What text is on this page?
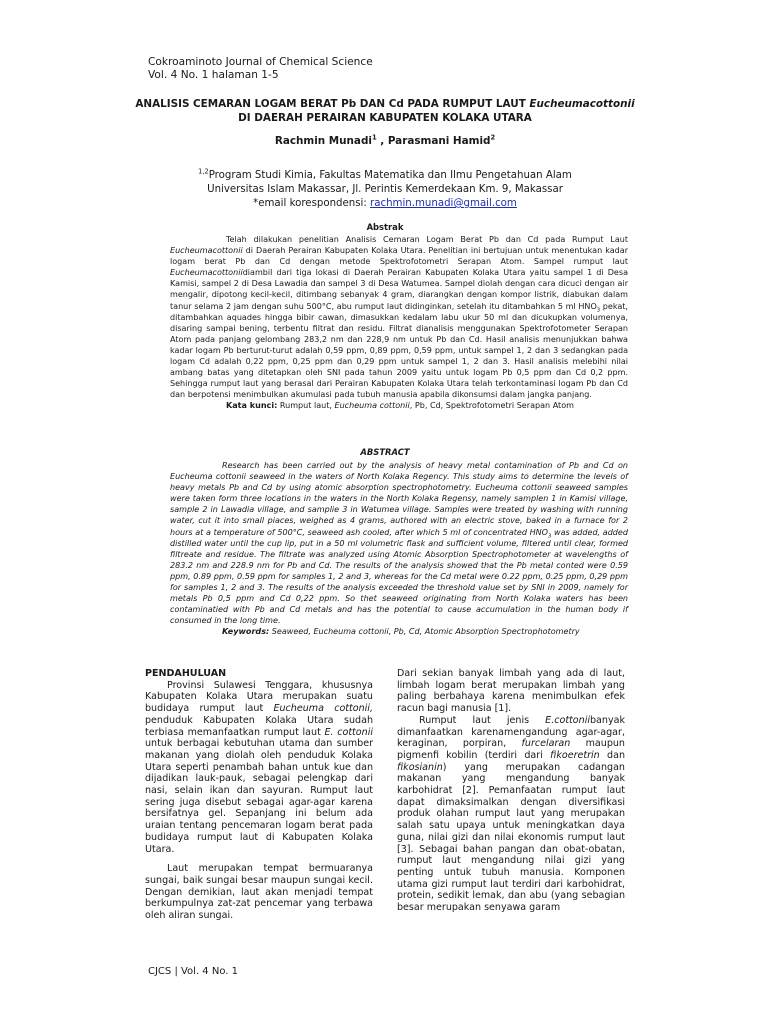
Cokroaminoto Journal of Chemical Science
Vol. 4 No. 1 halaman 1-5
ANALISIS CEMARAN LOGAM BERAT Pb DAN Cd PADA RUMPUT LAUT Eucheumacottonii
DI DAERAH PERAIRAN KABUPATEN KOLAKA UTARA
Rachmin Munadi$^1$ , Parasmani Hamid$^2$
$^{1,2}$Program Studi Kimia, Fakultas Matematika dan Ilmu Pengetahuan Alam
Universitas Islam Makassar, Jl. Perintis Kemerdekaan Km. 9, Makassar
*email korespondensi: rachmin.munadi@gmail.com
Abstrak

Telah dilakukan penelitian Analisis Cemaran Logam Berat Pb dan Cd pada Rumput Laut Eucheumacottonii di Daerah Perairan Kabupaten Kolaka Utara. Penelitian ini bertujuan untuk menentukan kadar logam berat Pb dan Cd dengan metode Spektrofotometri Serapan Atom. Sampel rumput laut Eucheumacottoniidiambil dari tiga lokasi di Daerah Perairan Kabupaten Kolaka Utara yaitu sampel 1 di Desa Kamisi, sampel 2 di Desa Lawadia dan sampel 3 di Desa Watumea. Sampel diolah dengan cara dicuci dengan air mengalir, dipotong kecil-kecil, ditimbang sebanyak 4 gram, diarangkan dengan kompor listrik, diabukan dalam tanur selama 2 jam dengan suhu 500°C, abu rumput laut didinginkan, setelah itu ditambahkan 5 ml $HNO_3$ pekat, ditambahkan aquades hingga bibir cawan, dimasukkan kedalam labu ukur 50 ml dan dicukupkan volumenya, disaring sampai bening, terbentu filtrat dan residu. Filtrat dianalisis menggunakan Spektrofotometer Serapan Atom pada panjang gelombang 283,2 nm dan 228,9 nm untuk Pb dan Cd. Hasil analisis menunjukkan bahwa kadar logam Pb berturut-turut adalah 0,59 ppm, 0,89 ppm, 0,59 ppm, untuk sampel 1, 2 dan 3 sedangkan pada logam Cd adalah 0,22 ppm, 0,25 ppm dan 0,29 ppm untuk sampel 1, 2 dan 3. Hasil analisis melebihi nilai ambang batas yang ditetapkan oleh SNI pada tahun 2009 yaitu untuk logam Pb 0,5 ppm dan Cd 0,2 ppm. Sehingga rumput laut yang berasal dari Perairan Kabupaten Kolaka Utara telah terkontaminasi logam Pb dan Cd dan berpotensi menimbulkan akumulasi pada tubuh manusia apabila dikonsumsi dalam jangka panjang.

Kata kunci: Rumput laut, Eucheuma cottonii, Pb, Cd, Spektrofotometri Serapan Atom

ABSTRACT

Research has been carried out by the analysis of heavy metal contamination of Pb and Cd on Eucheuma cottonii seaweed in the waters of North Kolaka Regency. This study aims to determine the levels of heavy metals Pb and Cd by using atomic absorption spectrophotometry. Eucheuma cottonii seaweed samples were taken form three locations in the waters in the North Kolaka Regensy, namely samplen 1 in Kamisi village, sample 2 in Lawadia village, and samplie 3 in Watumea village. Samples were treated by washing with running water, cut it into small piaces, weighed as 4 grams, authored with an electric stove, baked in a furnace for 2 hours at a temperature of 500°C, seaweed ash cooled, after which 5 ml of concentrated $HNO_3$ was added, added distilled water until the cup lip, put in a 50 ml volumetric flask and sufficient volume, filtered until clear, formed filtreate and residue. The filtrate was analyzed using Atomic Absorption Spectrophotometer at wavelengths of 283.2 nm and 228.9 nm for Pb and Cd. The results of the analysis showed that the Pb metal conted were 0.59 ppm, 0.89 ppm, 0.59 ppm for samples 1, 2 and 3, whereas for the Cd metal were 0.22 ppm, 0.25 ppm, 0,29 ppm for samples 1, 2 and 3. The results of the analysis exceeded the threshold value set by SNI in 2009, namely for metals Pb 0,5 ppm and Cd 0,22 ppm. So thet seaweed originating from North Kolaka waters has been contaminatied with Pb and Cd metals and has the potential to cause accumulation in the human body if consumed in the long time.

Keywords: Seaweed, Eucheuma cottonii, Pb, Cd, Atomic Absorption Spectrophotometry

PENDAHULUAN

Provinsi Sulawesi Tenggara, khususnya Kabupaten Kolaka Utara merupakan suatu budidaya rumput laut Eucheuma cottonii, penduduk Kabupaten Kolaka Utara sudah terbiasa memanfaatkan rumput laut E. cottonii untuk berbagai kebutuhan utama dan sumber makanan yang diolah oleh penduduk Kolaka Utara seperti penambah bahan untuk kue dan dijadikan lauk-pauk, sebagai pelengkap dari nasi, selain ikan dan sayuran. Rumput laut sering juga disebut sebagai agar-agar karena bersifatnya gel. Sepanjang ini belum ada uraian tentang pencemaran logam berat pada budidaya rumput laut di Kabupaten Kolaka Utara.

Laut merupakan tempat bermuaranya sungai, baik sungai besar maupun sungai kecil. Dengan demikian, laut akan menjadi tempat berkumpulnya zat-zat pencemar yang terbawa oleh aliran sungai.

Dari sekian banyak limbah yang ada di laut, limbah logam berat merupakan limbah yang paling berbahaya karena menimbulkan efek racun bagi manusia [1].

Rumput laut jenis E.cottoniibanyak dimanfaatkan karenamengandung agar-agar, keraginan, porpiran, furcelaran maupun pigmenfi kobilin (terdiri dari fikoeretrin dan fikosianin) yang merupakan cadangan makanan yang mengandung banyak karbohidrat [2]. Pemanfaatan rumput laut dapat dimaksimalkan dengan diversifikasi produk olahan rumput laut yang merupakan salah satu upaya untuk meningkatkan daya guna, nilai gizi dan nilai ekonomis rumput laut [3]. Sebagai bahan pangan dan obat-obatan, rumput laut mengandung nilai gizi yang penting untuk tubuh manusia. Komponen utama gizi rumput laut terdiri dari karbohidrat, protein, sedikit lemak, dan abu (yang sebagian besar merupakan senyawa garam

CJCS | Vol. 4 No. 1
